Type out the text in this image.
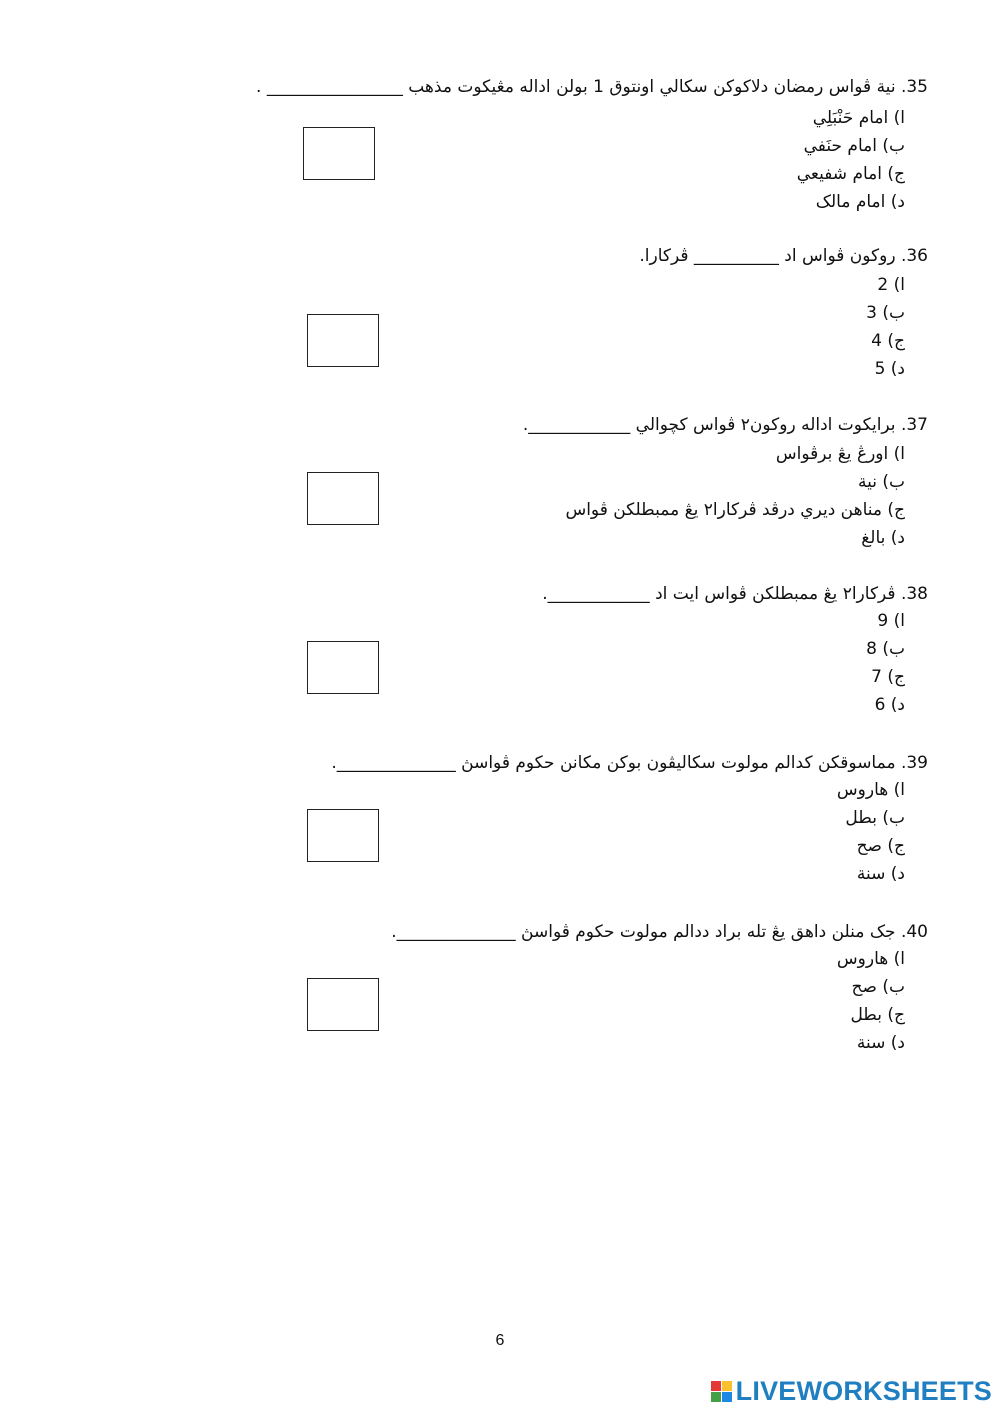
35. نية ڤواس رمضان دلاكوكن سكالي اونتوق 1 بولن اداله مڠيكوت مذهب ________________ .
ا) امام حَنْبَلِي
ب) امام حنَفي
ج) امام شفيعي
د) امام مالک
36. روكون ڤواس اد __________ ڤركارا.
ا) 2
ب) 3
ج) 4
د) 5
37. برايكوت اداله روكون٢ ڤواس كچوالي ____________.
ا) اورڠ يڠ برڤواس
ب) نية
ج) مناهن ديري درڤد ڤركارا٢ يڠ ممبطلكن ڤواس
د) بالغ
38. ڤركارا٢ يڠ ممبطلكن ڤواس ايت اد ____________.
ا) 9
ب) 8
ج) 7
د) 6
39. مماسوقكن كدالم مولوت سكاليڤون بوكن مكانن حكوم ڤواسڽ ______________.
ا) هاروس
ب) بطل
ج) صح
د) سنة
40. جک منلن داهق يڠ تله براد ددالم مولوت حكوم ڤواسڽ ______________.
ا) هاروس
ب) صح
ج) بطل
د) سنة
6
LIVEWORKSHEETS
